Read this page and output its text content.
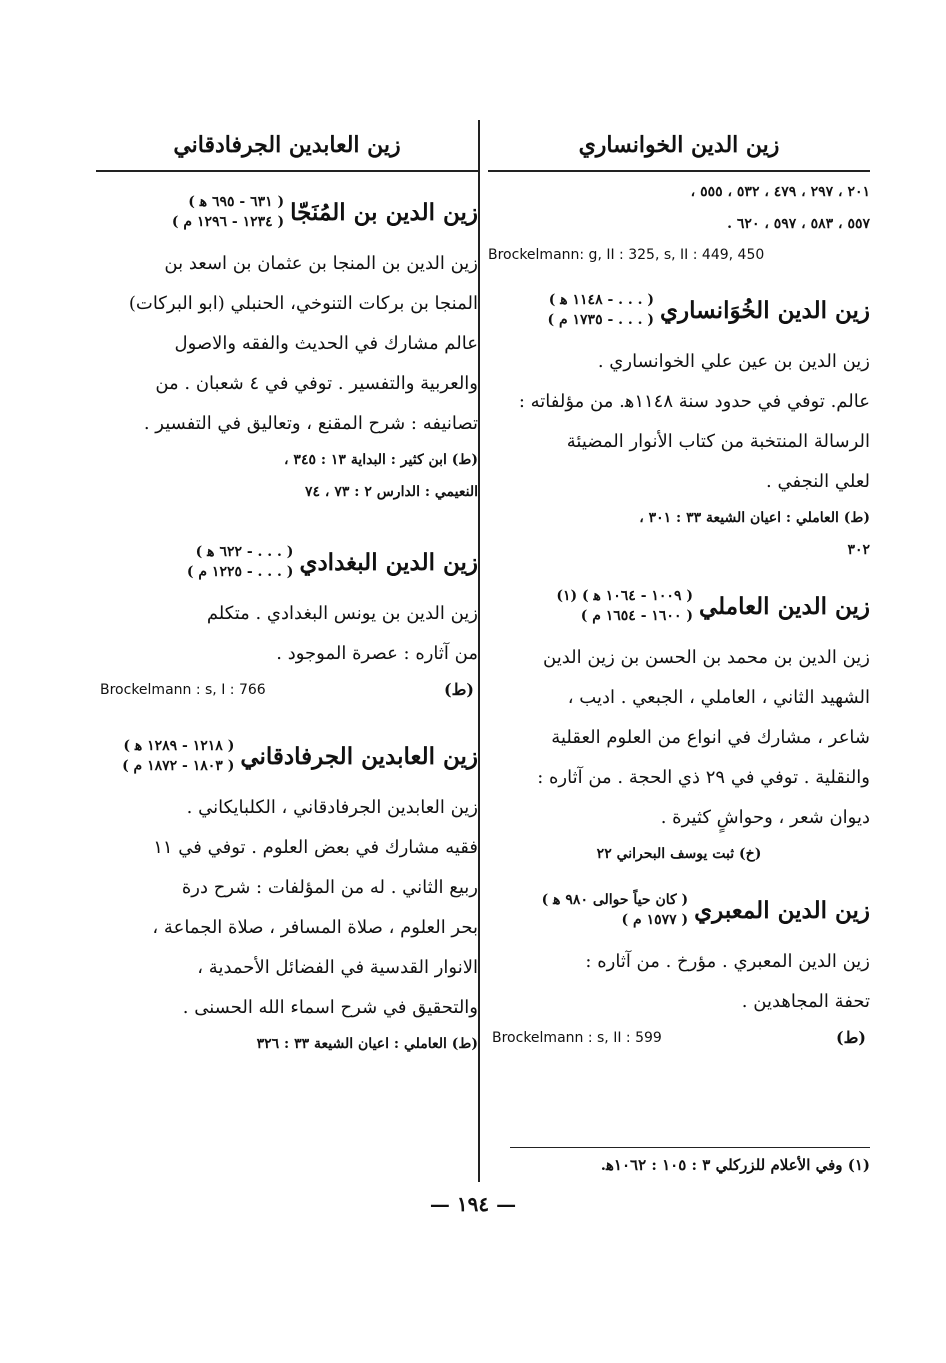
زين الدين الخوانساري
٢٠١ ، ٢٩٧ ، ٤٧٩ ، ٥٣٢ ، ٥٥٥ ،
٥٥٧ ، ٥٨٣ ، ٥٩٧ ، ٦٢٠ .
Brockelmann: g, II : 325, s, II : 449, 450
زين الدين الخُوَانساري
( . . . - ١١٤٨ ﻫ )
( . . . - ١٧٣٥ م )
زين الدين بن عين علي الخوانساري .
عالم. توفي في حدود سنة ١١٤٨ﻫ. من مؤلفاته :
الرسالة المنتخبة من كتاب الأنوار المضيئة
لعلي النجفي .
(ط) العاملي : اعيان الشيعة ٣٣ : ٣٠١ ،
٣٠٢
زين الدين العاملي
( ١٠٠٩ - ١٠٦٤ ﻫ ) (١)
( ١٦٠٠ - ١٦٥٤ م )
زين الدين بن محمد بن الحسن بن زين الدين
الشهيد الثاني ، العاملي ، الجبعي . اديب ،
شاعر ، مشارك في انواع من العلوم العقلية
والنقلية . توفي في ٢٩ ذي الحجة . من آثاره :
ديوان شعر ، وحواشٍ كثيرة .
(خ) ثبت يوسف البحراني ٢٢
زين الدين المعبري
( كان حياً حوالى ٩٨٠ ﻫ )
( ١٥٧٧ م )
زين الدين المعبري . مؤرخ . من آثاره :
تحفة المجاهدين .
Brockelmann : s, II : 599	(ط)
زين العابدين الجرفادقاني
زين الدين بن المُنَجّا
( ٦٣١ - ٦٩٥ ﻫ )
( ١٢٣٤ - ١٢٩٦ م )
زين الدين بن المنجا بن عثمان بن اسعد بن
المنجا بن بركات التنوخي، الحنبلي (ابو البركات)
عالم مشارك في الحديث والفقه والاصول
والعربية والتفسير . توفي في ٤ شعبان . من
تصانيفه : شرح المقنع ، وتعاليق في التفسير .
(ط) ابن كثير : البداية ١٣ : ٣٤٥ ،
النعيمي : الدارس ٢ : ٧٣ ، ٧٤
زين الدين البغدادي
( . . . - ٦٢٢ ﻫ )
( . . . - ١٢٢٥ م )
زين الدين بن يونس البغدادي . متكلم
من آثاره : عصرة الموجود .
Brockelmann : s, I : 766	(ط)
زين العابدين الجرفادقاني
( ١٢١٨ - ١٢٨٩ ﻫ )
( ١٨٠٣ - ١٨٧٢ م )
زين العابدين الجرفادقاني ، الكلبايكاني .
فقيه مشارك في بعض العلوم . توفي في ١١
ربيع الثاني . له من المؤلفات : شرح درة
بحر العلوم ، صلاة المسافر ، صلاة الجماعة ،
الانوار القدسية في الفضائل الأحمدية ،
والتحقيق في شرح اسماء الله الحسنى .
(ط) العاملي : اعيان الشيعة ٣٣ : ٣٢٦
(١) وفي الأعلام للزركلي ٣ : ١٠٥ : ١٠٦٢ﻫ.
— ١٩٤ —
